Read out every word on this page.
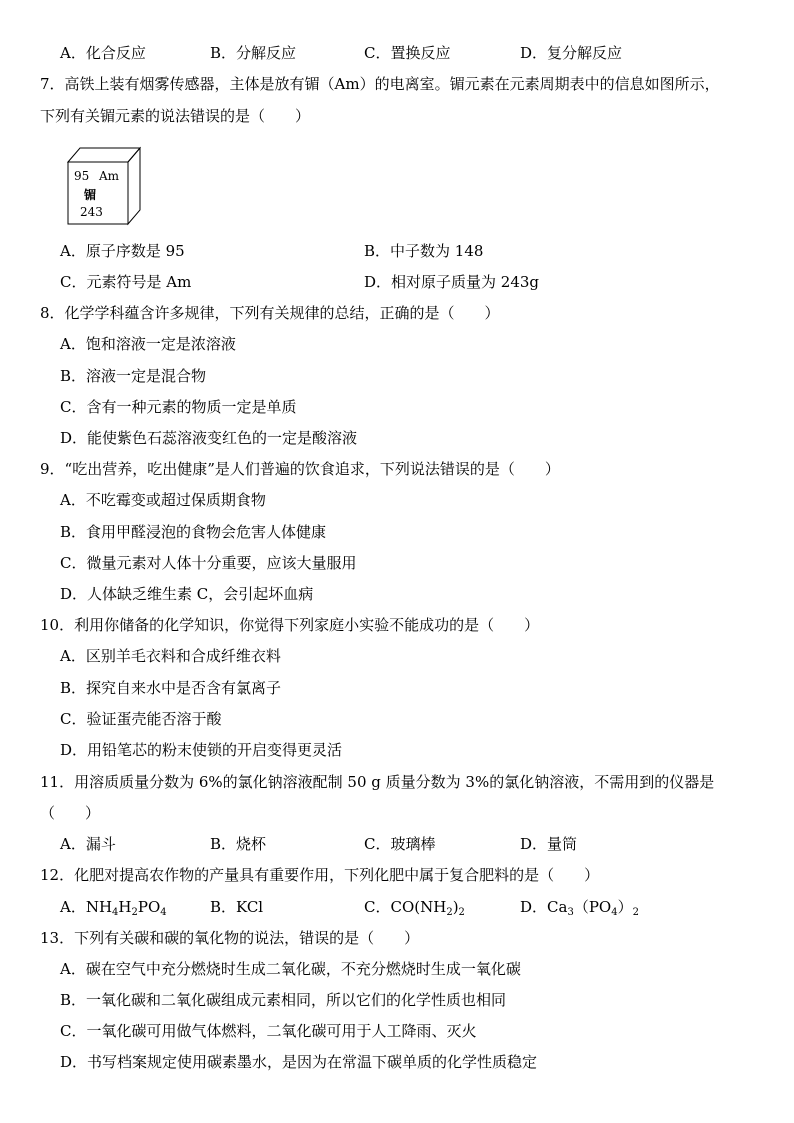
A．化合反应	B．分解反应	C．置换反应	D．复分解反应
7．高铁上装有烟雾传感器，主体是放有镅（Am）的电离室。镅元素在元素周期表中的信息如图所示，
下列有关镅元素的说法错误的是（　　）
95 Am
镅
243
A．原子序数是 95	B．中子数为 148
C．元素符号是 Am	D．相对原子质量为 243g
8．化学学科蕴含许多规律，下列有关规律的总结，正确的是（　　）
A．饱和溶液一定是浓溶液
B．溶液一定是混合物
C．含有一种元素的物质一定是单质
D．能使紫色石蕊溶液变红色的一定是酸溶液
9．“吃出营养，吃出健康”是人们普遍的饮食追求，下列说法错误的是（　　）
A．不吃霉变或超过保质期食物
B．食用甲醛浸泡的食物会危害人体健康
C．微量元素对人体十分重要，应该大量服用
D．人体缺乏维生素 C，会引起坏血病
10．利用你储备的化学知识，你觉得下列家庭小实验不能成功的是（　　）
A．区别羊毛衣料和合成纤维衣料
B．探究自来水中是否含有氯离子
C．验证蛋壳能否溶于酸
D．用铅笔芯的粉末使锁的开启变得更灵活
11．用溶质质量分数为 6%的氯化钠溶液配制 50 g 质量分数为 3%的氯化钠溶液，不需用到的仪器是
（　　）
A．漏斗	B．烧杯	C．玻璃棒	D．量筒
12．化肥对提高农作物的产量具有重要作用，下列化肥中属于复合肥料的是（　　）
A．$NH_4H_2PO_4$	B．KCl	C．$CO(NH_2)_2$	D．$Ca_3(PO_4)_2$
13．下列有关碳和碳的氧化物的说法，错误的是（　　）
A．碳在空气中充分燃烧时生成二氧化碳，不充分燃烧时生成一氧化碳
B．一氧化碳和二氧化碳组成元素相同，所以它们的化学性质也相同
C．一氧化碳可用做气体燃料，二氧化碳可用于人工降雨、灭火
D．书写档案规定使用碳素墨水，是因为在常温下碳单质的化学性质稳定
